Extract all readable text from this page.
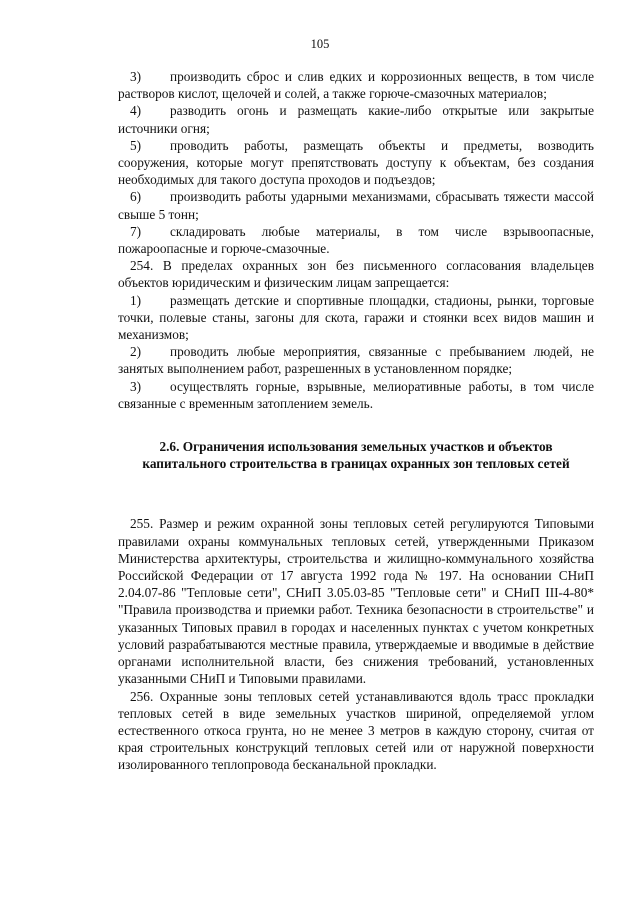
105

3) производить сброс и слив едких и коррозионных веществ, в том числе растворов кислот, щелочей и солей, а также горюче-смазочных материалов;

4) разводить огонь и размещать какие-либо открытые или закрытые источники огня;

5) проводить работы, размещать объекты и предметы, возводить сооружения, которые могут препятствовать доступу к объектам, без создания необходимых для такого доступа проходов и подъездов;

6) производить работы ударными механизмами, сбрасывать тяжести массой свыше 5 тонн;

7) складировать любые материалы, в том числе взрывоопасные, пожароопасные и горюче-смазочные.

254. В пределах охранных зон без письменного согласования владельцев объектов юридическим и физическим лицам запрещается:

1) размещать детские и спортивные площадки, стадионы, рынки, торговые точки, полевые станы, загоны для скота, гаражи и стоянки всех видов машин и механизмов;

2) проводить любые мероприятия, связанные с пребыванием людей, не занятых выполнением работ, разрешенных в установленном порядке;

3) осуществлять горные, взрывные, мелиоративные работы, в том числе связанные с временным затоплением земель.

2.6. Ограничения использования земельных участков и объектов капитального строительства в границах охранных зон тепловых сетей

255. Размер и режим охранной зоны тепловых сетей регулируются Типовыми правилами охраны коммунальных тепловых сетей, утвержденными Приказом Министерства архитектуры, строительства и жилищно-коммунального хозяйства Российской Федерации от 17 августа 1992 года № 197. На основании СНиП 2.04.07-86 "Тепловые сети", СНиП 3.05.03-85 "Тепловые сети" и СНиП III-4-80* "Правила производства и приемки работ. Техника безопасности в строительстве" и указанных Типовых правил в городах и населенных пунктах с учетом конкретных условий разрабатываются местные правила, утверждаемые и вводимые в действие органами исполнительной власти, без снижения требований, установленных указанными СНиП и Типовыми правилами.

256. Охранные зоны тепловых сетей устанавливаются вдоль трасс прокладки тепловых сетей в виде земельных участков шириной, определяемой углом естественного откоса грунта, но не менее 3 метров в каждую сторону, считая от края строительных конструкций тепловых сетей или от наружной поверхности изолированного теплопровода бесканальной прокладки.
